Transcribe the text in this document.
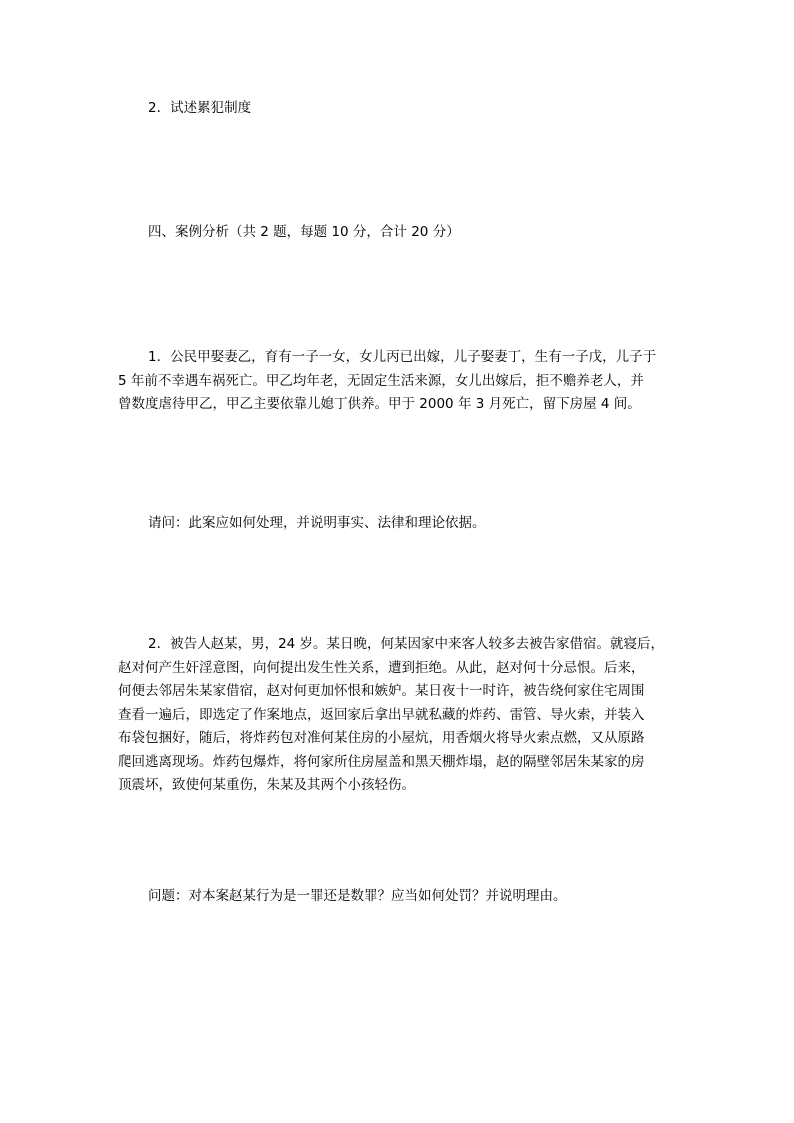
2．试述累犯制度
四、案例分析（共 2 题，每题 10 分，合计 20 分）
1．公民甲娶妻乙，育有一子一女，女儿丙已出嫁，儿子娶妻丁，生有一子戊，儿子于
5 年前不幸遇车祸死亡。甲乙均年老，无固定生活来源，女儿出嫁后，拒不赡养老人，并
曾数度虐待甲乙，甲乙主要依靠儿媳丁供养。甲于 2000 年 3 月死亡，留下房屋 4 间。
请问：此案应如何处理，并说明事实、法律和理论依据。
2．被告人赵某，男，24 岁。某日晚，何某因家中来客人较多去被告家借宿。就寝后，
赵对何产生奸淫意图，向何提出发生性关系，遭到拒绝。从此，赵对何十分忌恨。后来，
何便去邻居朱某家借宿，赵对何更加怀恨和嫉妒。某日夜十一时许，被告绕何家住宅周围
查看一遍后，即选定了作案地点，返回家后拿出早就私藏的炸药、雷管、导火索，并装入
布袋包捆好，随后，将炸药包对准何某住房的小屋炕，用香烟火将导火索点燃，又从原路
爬回逃离现场。炸药包爆炸，将何家所住房屋盖和黑天棚炸塌，赵的隔壁邻居朱某家的房
顶震坏，致使何某重伤，朱某及其两个小孩轻伤。
问题：对本案赵某行为是一罪还是数罪？应当如何处罚？并说明理由。
